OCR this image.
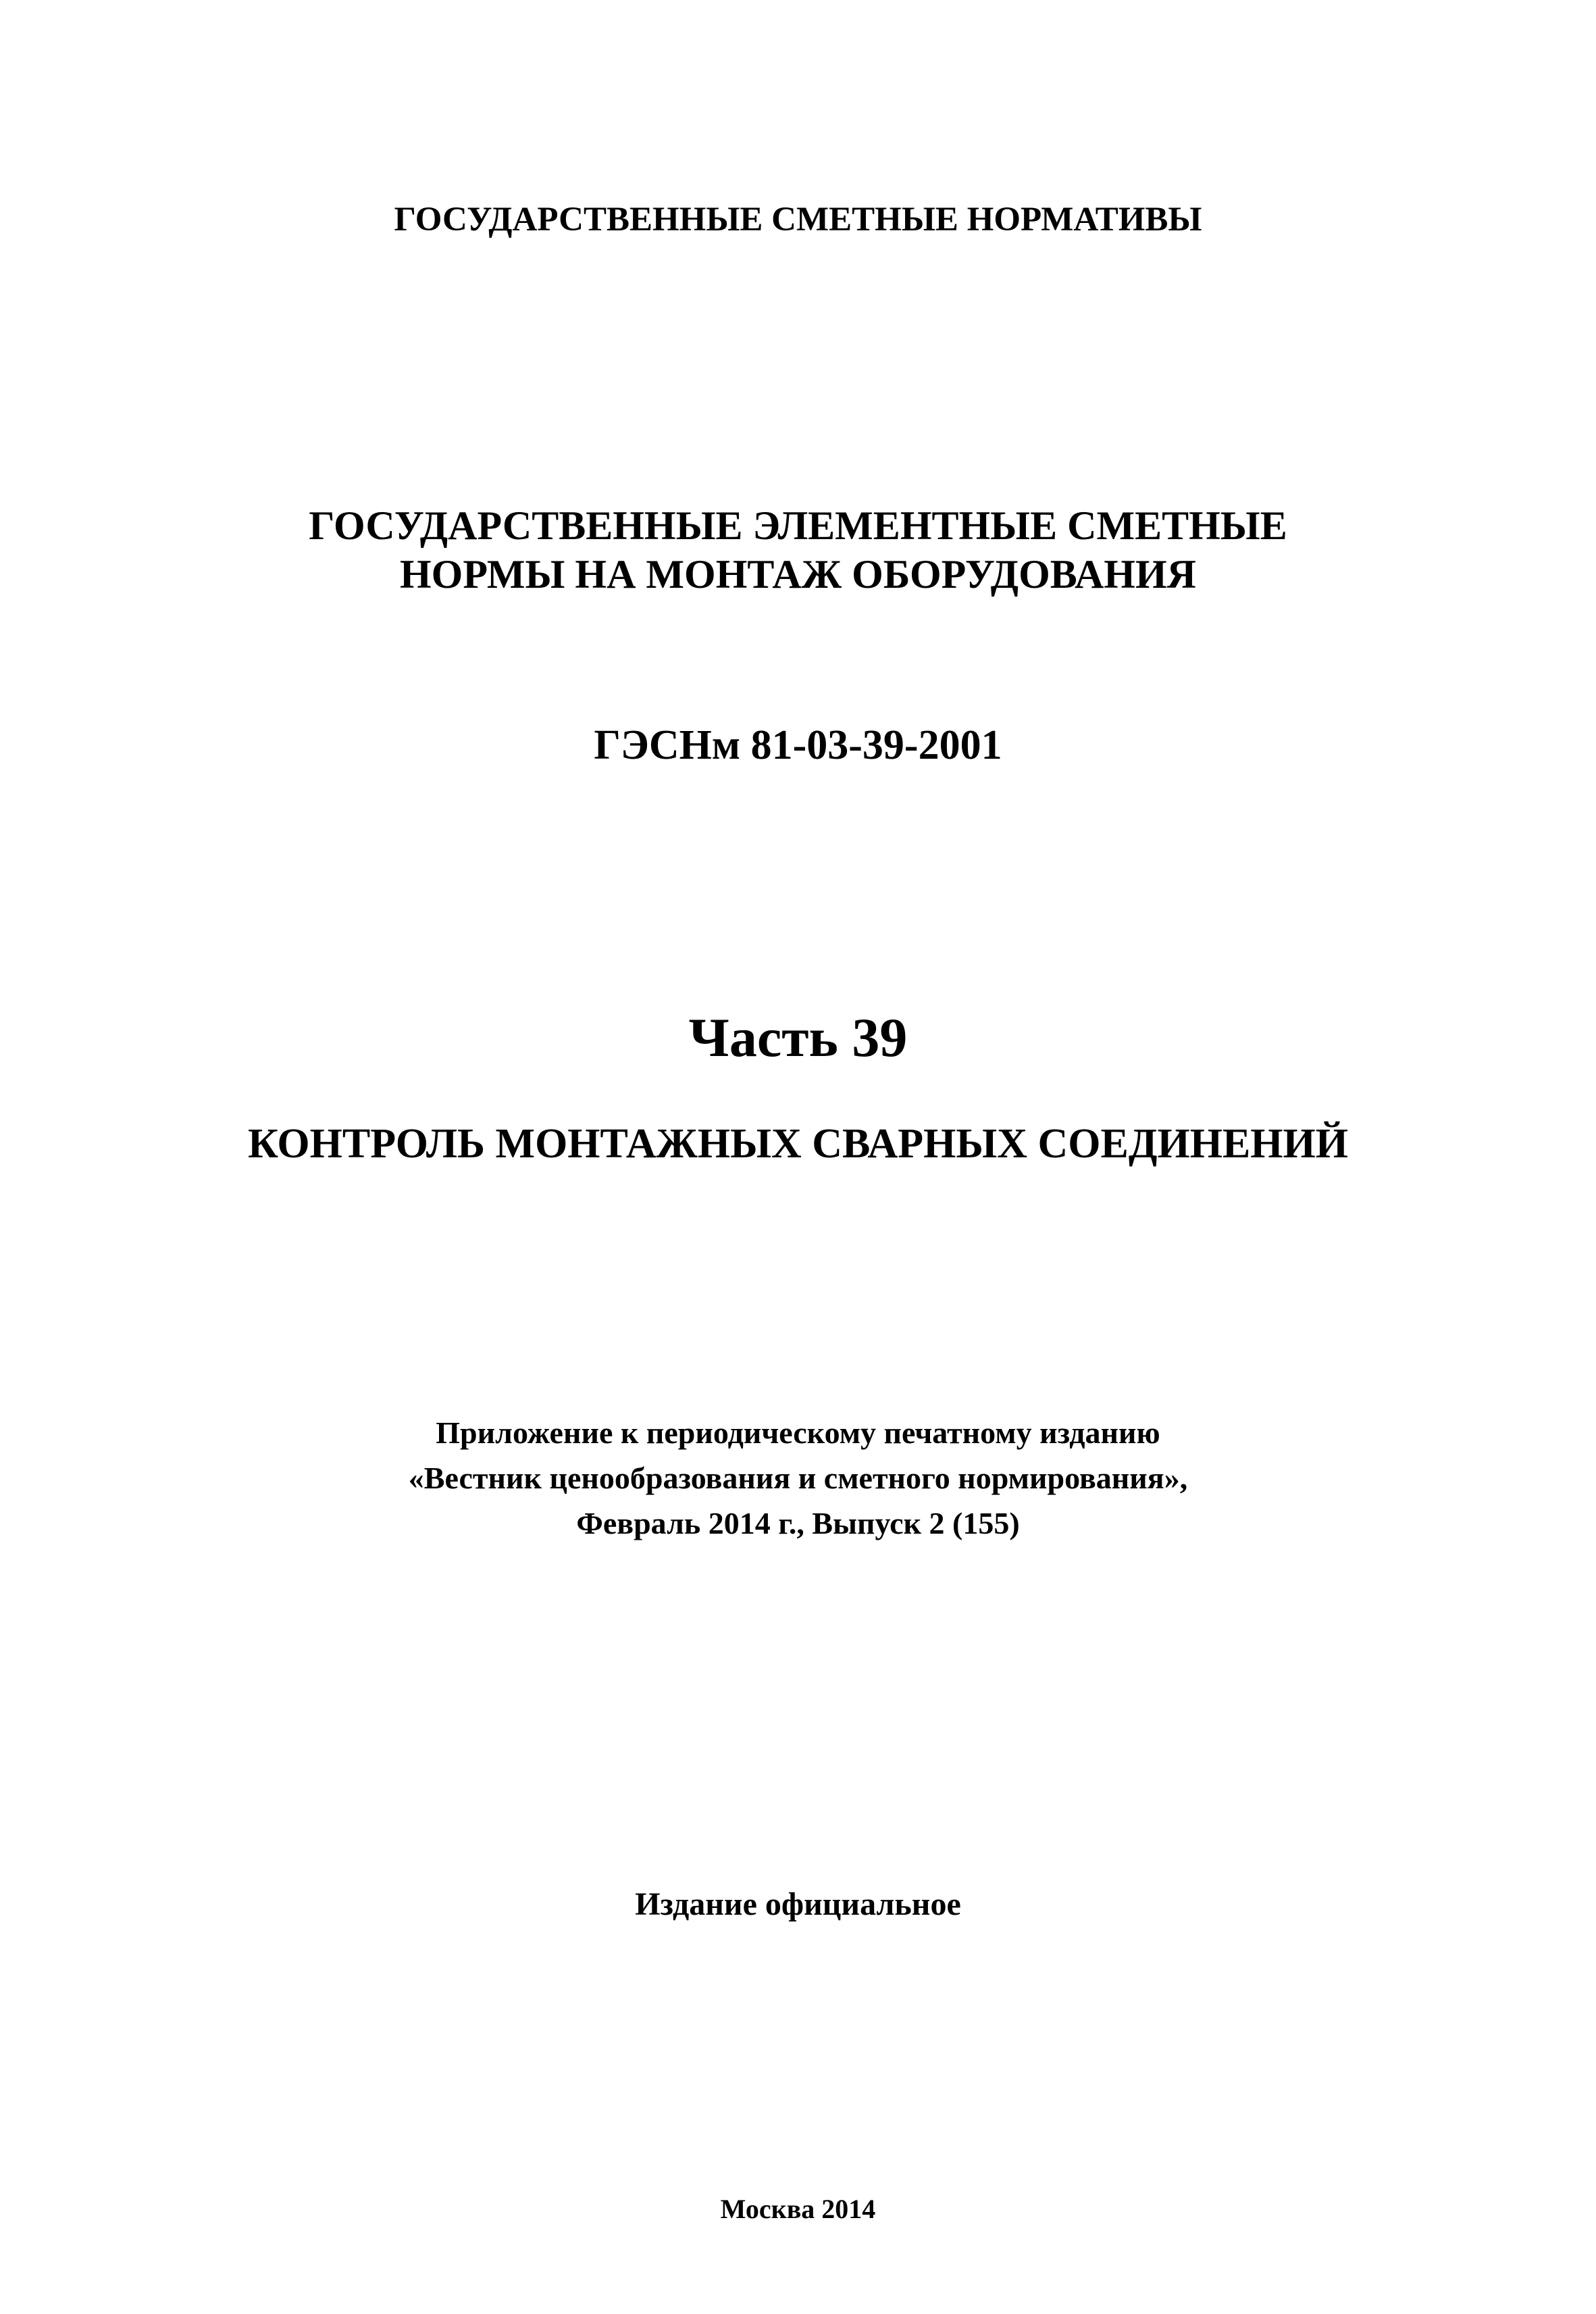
ГОСУДАРСТВЕННЫЕ СМЕТНЫЕ НОРМАТИВЫ
ГОСУДАРСТВЕННЫЕ ЭЛЕМЕНТНЫЕ СМЕТНЫЕ
НОРМЫ НА МОНТАЖ ОБОРУДОВАНИЯ
ГЭСНм 81-03-39-2001
Часть 39
КОНТРОЛЬ МОНТАЖНЫХ СВАРНЫХ СОЕДИНЕНИЙ
Приложение к периодическому печатному изданию
«Вестник ценообразования и сметного нормирования»,
Февраль 2014 г., Выпуск 2 (155)
Издание официальное
Москва 2014
